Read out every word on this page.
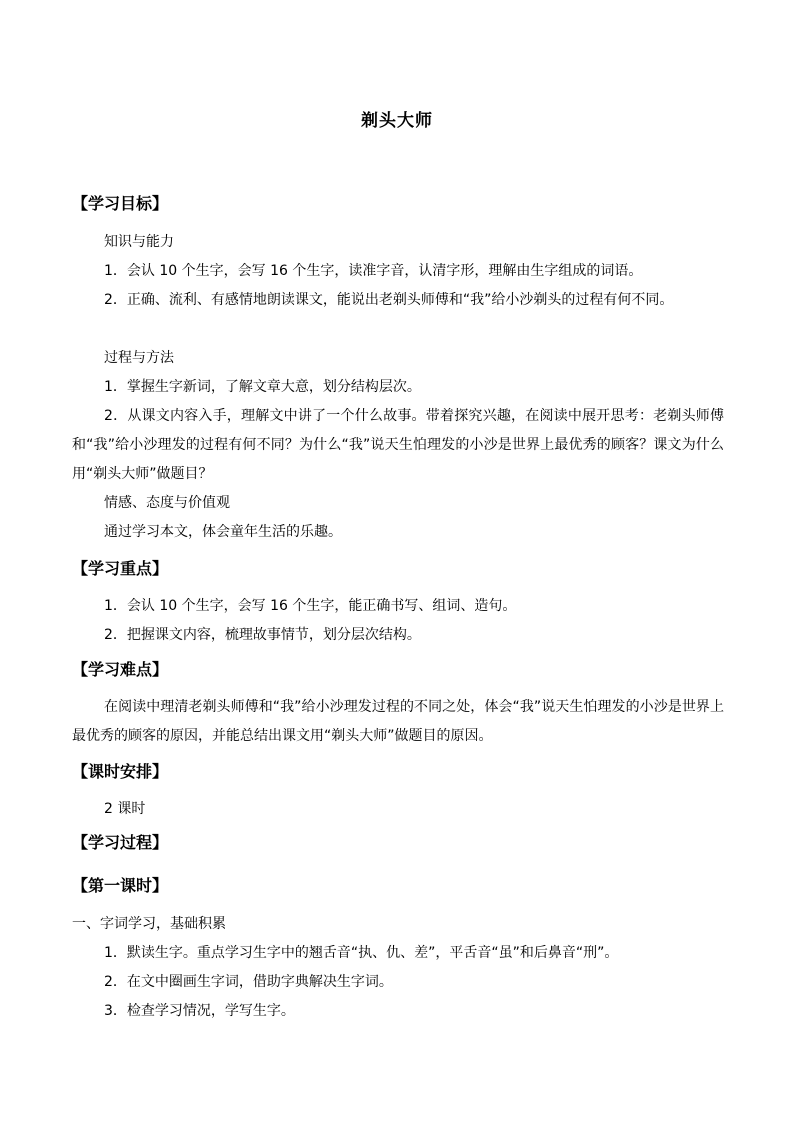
剃头大师
【学习目标】
知识与能力
1．会认 10 个生字，会写 16 个生字，读准字音，认清字形，理解由生字组成的词语。
2．正确、流利、有感情地朗读课文，能说出老剃头师傅和“我”给小沙剃头的过程有何不同。
过程与方法
1．掌握生字新词，了解文章大意，划分结构层次。
2．从课文内容入手，理解文中讲了一个什么故事。带着探究兴趣，在阅读中展开思考：老剃头师傅和“我”给小沙理发的过程有何不同？为什么“我”说天生怕理发的小沙是世界上最优秀的顾客？课文为什么用“剃头大师”做题目？
情感、态度与价值观
通过学习本文，体会童年生活的乐趣。
【学习重点】
1．会认 10 个生字，会写 16 个生字，能正确书写、组词、造句。
2．把握课文内容，梳理故事情节，划分层次结构。
【学习难点】
在阅读中理清老剃头师傅和“我”给小沙理发过程的不同之处，体会“我”说天生怕理发的小沙是世界上最优秀的顾客的原因，并能总结出课文用“剃头大师”做题目的原因。
【课时安排】
2 课时
【学习过程】
【第一课时】
一、字词学习，基础积累
1．默读生字。重点学习生字中的翘舌音“执、仇、差”，平舌音“虽”和后鼻音“刑”。
2．在文中圈画生字词，借助字典解决生字词。
3．检查学习情况，学写生字。
